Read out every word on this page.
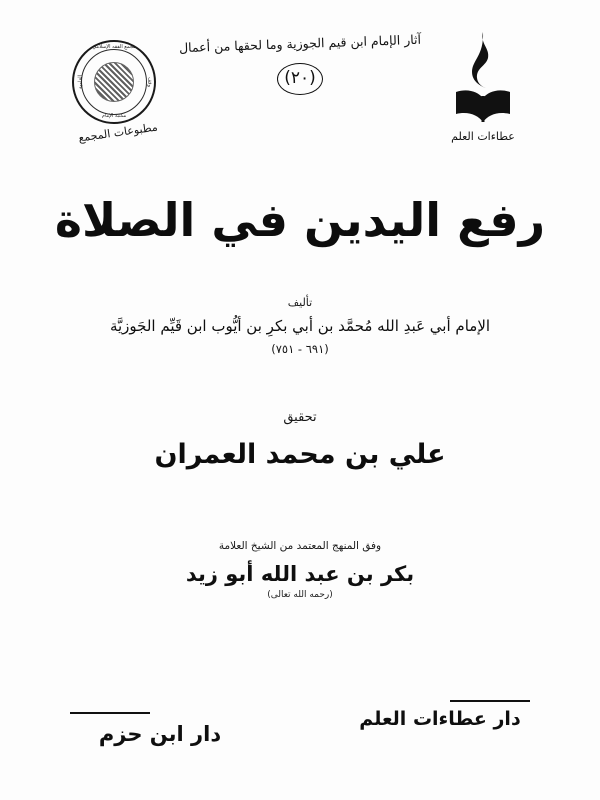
مجمع الفقه الإسلامي
وقف
مكتبة الإمام
العلمية
مطبوعات المجمع
آثار الإمام ابن قيم الجوزية وما لحقها من أعمال
(٢٠)
عطاءات العلم
رفع اليدين في الصلاة
تأليف
الإمام أبي عَبدِ الله مُحمَّد بن أبي بكرِ بن أيُّوب ابن قَيِّم الجَوزيَّة
(٦٩١ - ٧٥١)
تحقيق
علي بن محمد العمران
وفق المنهج المعتمد من الشيخ العلامة
بكر بن عبد الله أبو زيد
(رحمه الله تعالى)
دار عطاءات العلم
دار ابن حزم
